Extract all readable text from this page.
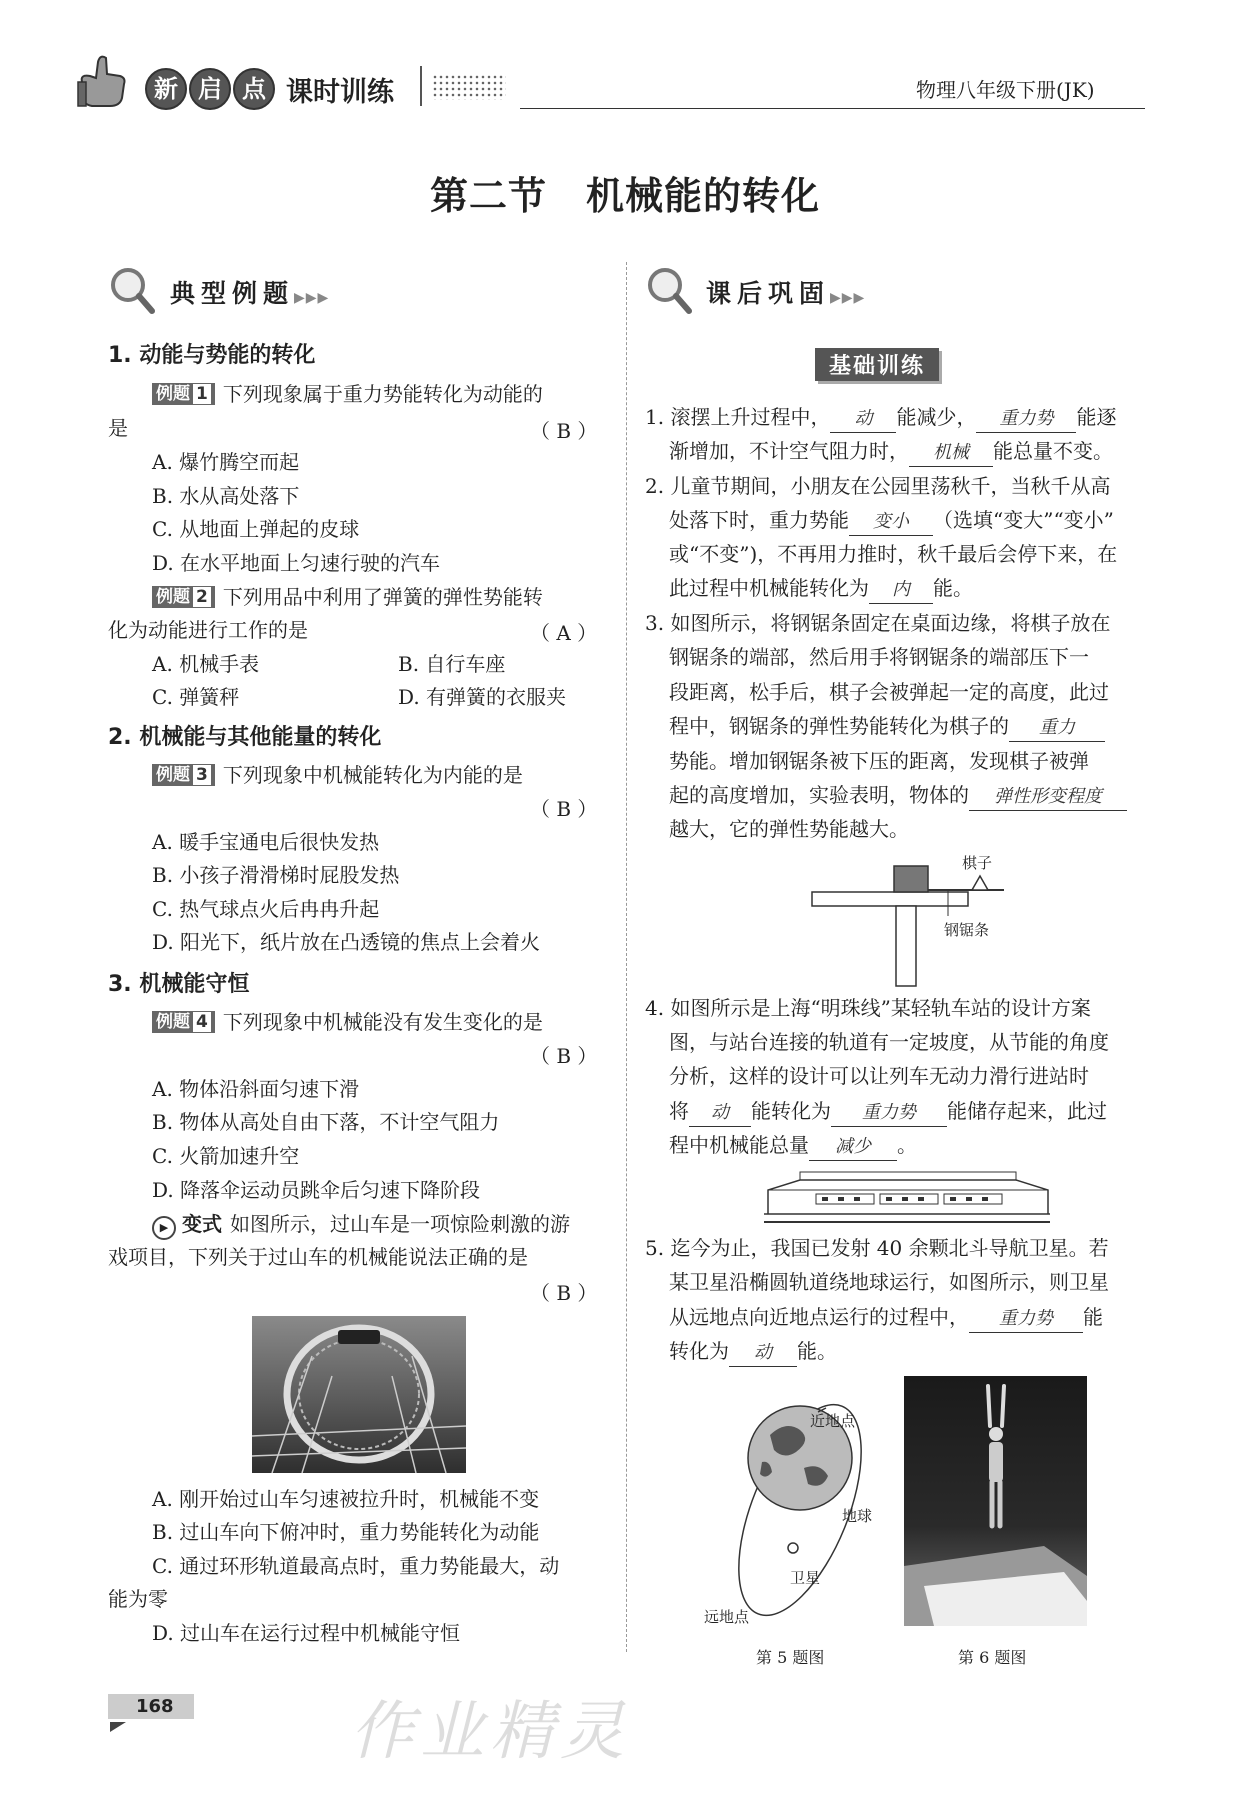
新 启 点 课时训练	物理八年级下册(JK)
第二节　机械能的转化
典型例题▶▶▶
1. 动能与势能的转化
例题 1 下列现象属于重力势能转化为动能的
是	（ B ）
A. 爆竹腾空而起
B. 水从高处落下
C. 从地面上弹起的皮球
D. 在水平地面上匀速行驶的汽车
例题 2 下列用品中利用了弹簧的弹性势能转
化为动能进行工作的是	（ A ）
A. 机械手表	B. 自行车座
C. 弹簧秤	D. 有弹簧的衣服夹
2. 机械能与其他能量的转化
例题 3 下列现象中机械能转化为内能的是
（ B ）
A. 暖手宝通电后很快发热
B. 小孩子滑滑梯时屁股发热
C. 热气球点火后冉冉升起
D. 阳光下，纸片放在凸透镜的焦点上会着火
3. 机械能守恒
例题 4 下列现象中机械能没有发生变化的是
（ B ）
A. 物体沿斜面匀速下滑
B. 物体从高处自由下落，不计空气阻力
C. 火箭加速升空
D. 降落伞运动员跳伞后匀速下降阶段
▶ 变式 如图所示，过山车是一项惊险刺激的游
戏项目，下列关于过山车的机械能说法正确的是
（ B ）
A. 刚开始过山车匀速被拉升时，机械能不变
B. 过山车向下俯冲时，重力势能转化为动能
C. 通过环形轨道最高点时，重力势能最大，动
能为零
D. 过山车在运行过程中机械能守恒
课后巩固▶▶▶
基础训练
1. 滚摆上升过程中， 动 能减少， 重力势 能逐
渐增加，不计空气阻力时， 机械 能总量不变。
2. 儿童节期间，小朋友在公园里荡秋千，当秋千从高
处落下时，重力势能 变小 （选填“变大”“变小”
或“不变”)，不再用力推时，秋千最后会停下来，在
此过程中机械能转化为 内 能。
3. 如图所示，将钢锯条固定在桌面边缘，将棋子放在
钢锯条的端部，然后用手将钢锯条的端部压下一
段距离，松手后，棋子会被弹起一定的高度，此过
程中，钢锯条的弹性势能转化为棋子的 重力
势能。增加钢锯条被下压的距离，发现棋子被弹
起的高度增加，实验表明，物体的 弹性形变程度
越大，它的弹性势能越大。
棋子
钢锯条
4. 如图所示是上海“明珠线”某轻轨车站的设计方案
图，与站台连接的轨道有一定坡度，从节能的角度
分析，这样的设计可以让列车无动力滑行进站时
将 动 能转化为 重力势 能储存起来，此过
程中机械能总量 减少 。
5. 迄今为止，我国已发射 40 余颗北斗导航卫星。若
某卫星沿椭圆轨道绕地球运行，如图所示，则卫星
从远地点向近地点运行的过程中， 重力势 能
转化为 动 能。
近地点
地球
卫星
远地点
第 5 题图	第 6 题图
168	作业精灵
